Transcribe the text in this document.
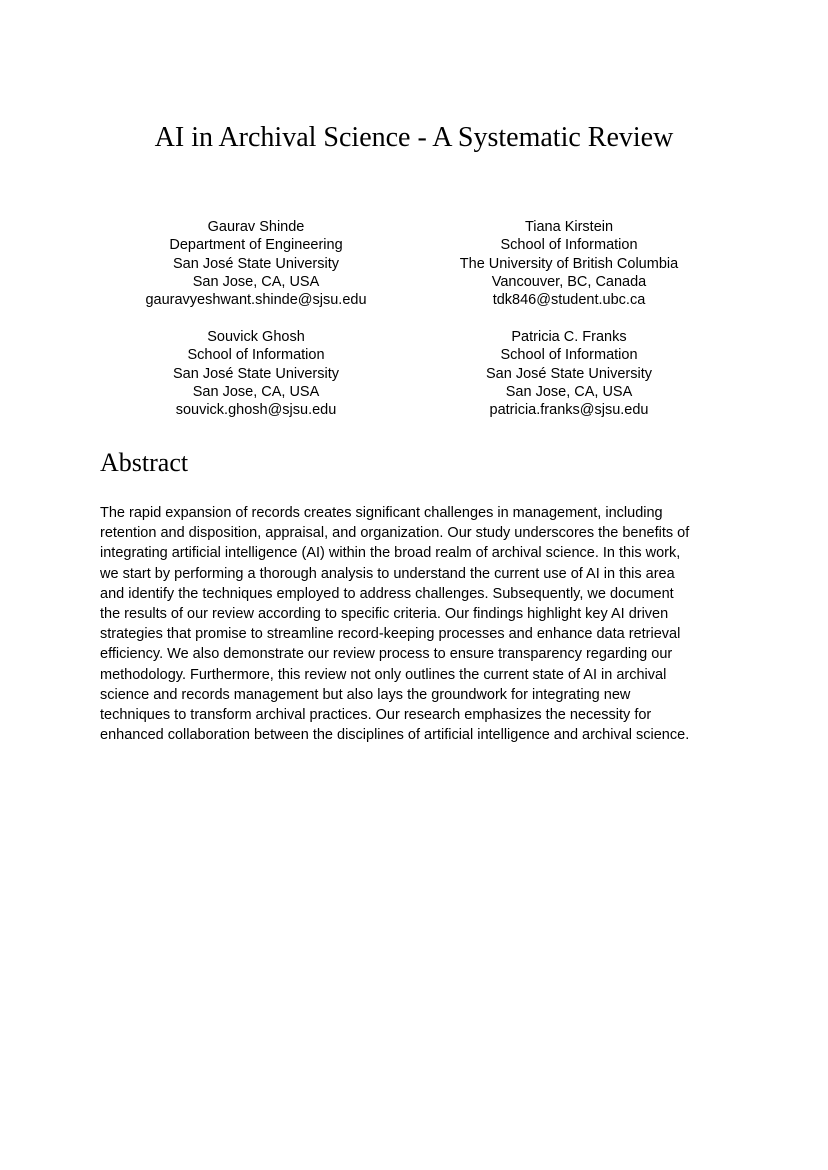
AI in Archival Science - A Systematic Review
Gaurav Shinde
Department of Engineering
San José State University
San Jose, CA, USA
gauravyeshwant.shinde@sjsu.edu
Tiana Kirstein
School of Information
The University of British Columbia
Vancouver, BC, Canada
tdk846@student.ubc.ca
Souvick Ghosh
School of Information
San José State University
San Jose, CA, USA
souvick.ghosh@sjsu.edu
Patricia C. Franks
School of Information
San José State University
San Jose, CA, USA
patricia.franks@sjsu.edu
Abstract
The rapid expansion of records creates significant challenges in management, including
retention and disposition, appraisal, and organization. Our study underscores the benefits of
integrating artificial intelligence (AI) within the broad realm of archival science. In this work,
we start by performing a thorough analysis to understand the current use of AI in this area
and identify the techniques employed to address challenges. Subsequently, we document
the results of our review according to specific criteria. Our findings highlight key AI driven
strategies that promise to streamline record-keeping processes and enhance data retrieval
efficiency. We also demonstrate our review process to ensure transparency regarding our
methodology. Furthermore, this review not only outlines the current state of AI in archival
science and records management but also lays the groundwork for integrating new
techniques to transform archival practices. Our research emphasizes the necessity for
enhanced collaboration between the disciplines of artificial intelligence and archival science.
